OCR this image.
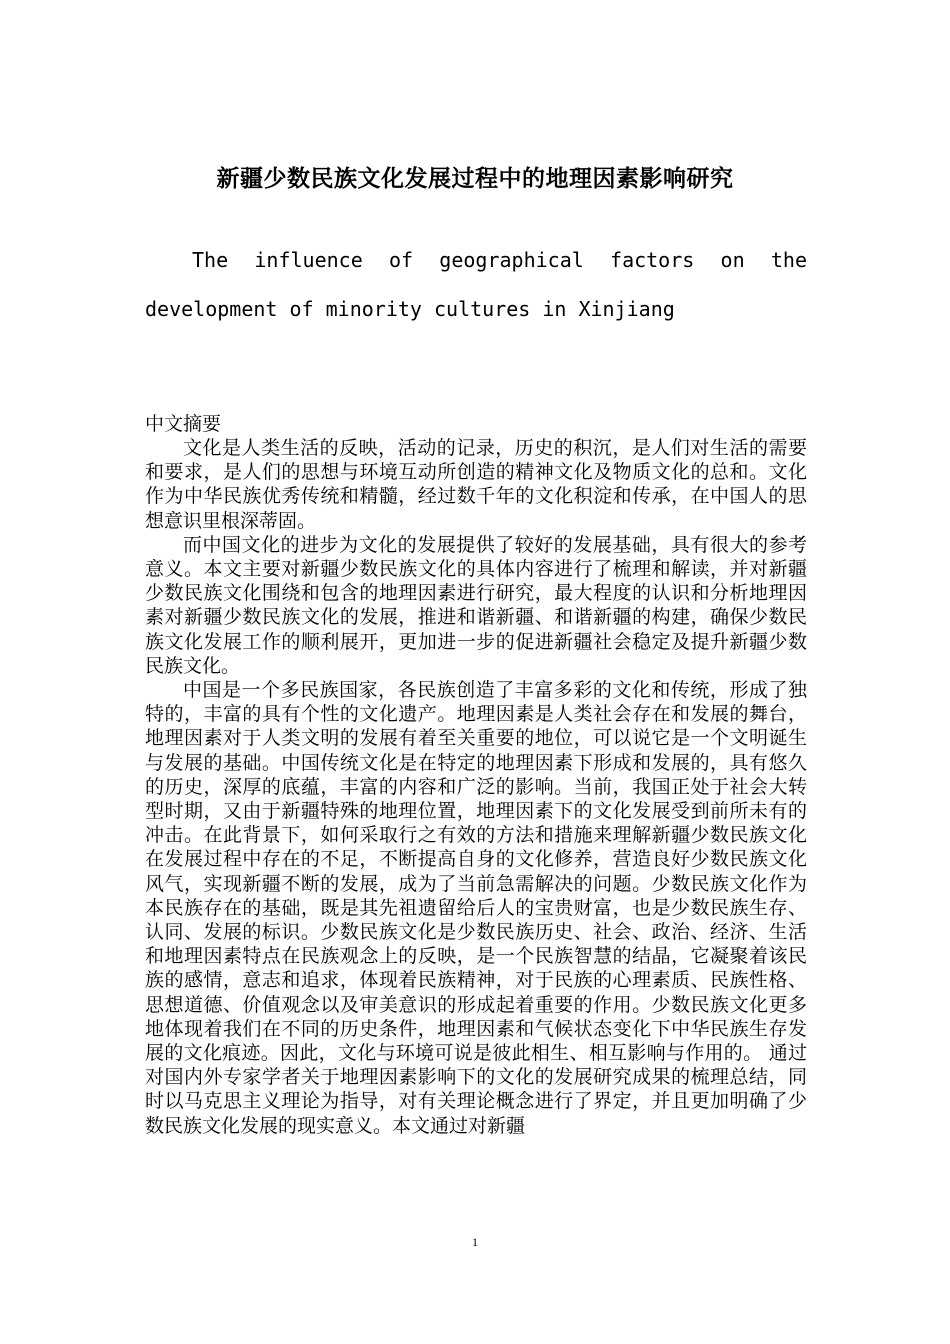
新疆少数民族文化发展过程中的地理因素影响研究

The influence of geographical factors on the development of minority cultures in Xinjiang

中文摘要

文化是人类生活的反映，活动的记录，历史的积沉，是人们对生活的需要和要求，是人们的思想与环境互动所创造的精神文化及物质文化的总和。文化作为中华民族优秀传统和精髓，经过数千年的文化积淀和传承，在中国人的思想意识里根深蒂固。

而中国文化的进步为文化的发展提供了较好的发展基础，具有很大的参考意义。本文主要对新疆少数民族文化的具体内容进行了梳理和解读，并对新疆少数民族文化围绕和包含的地理因素进行研究，最大程度的认识和分析地理因素对新疆少数民族文化的发展，推进和谐新疆、和谐新疆的构建，确保少数民族文化发展工作的顺利展开，更加进一步的促进新疆社会稳定及提升新疆少数民族文化。

中国是一个多民族国家，各民族创造了丰富多彩的文化和传统，形成了独特的，丰富的具有个性的文化遗产。地理因素是人类社会存在和发展的舞台，地理因素对于人类文明的发展有着至关重要的地位，可以说它是一个文明诞生与发展的基础。中国传统文化是在特定的地理因素下形成和发展的，具有悠久的历史，深厚的底蕴，丰富的内容和广泛的影响。当前，我国正处于社会大转型时期，又由于新疆特殊的地理位置，地理因素下的文化发展受到前所未有的冲击。在此背景下，如何采取行之有效的方法和措施来理解新疆少数民族文化在发展过程中存在的不足，不断提高自身的文化修养，营造良好少数民族文化风气，实现新疆不断的发展，成为了当前急需解决的问题。少数民族文化作为本民族存在的基础，既是其先祖遗留给后人的宝贵财富，也是少数民族生存、认同、发展的标识。少数民族文化是少数民族历史、社会、政治、经济、生活和地理因素特点在民族观念上的反映，是一个民族智慧的结晶，它凝聚着该民族的感情，意志和追求，体现着民族精神，对于民族的心理素质、民族性格、思想道德、价值观念以及审美意识的形成起着重要的作用。少数民族文化更多地体现着我们在不同的历史条件，地理因素和气候状态变化下中华民族生存发展的文化痕迹。因此，文化与环境可说是彼此相生、相互影响与作用的。 通过对国内外专家学者关于地理因素影响下的文化的发展研究成果的梳理总结，同时以马克思主义理论为指导，对有关理论概念进行了界定，并且更加明确了少数民族文化发展的现实意义。本文通过对新疆

1
